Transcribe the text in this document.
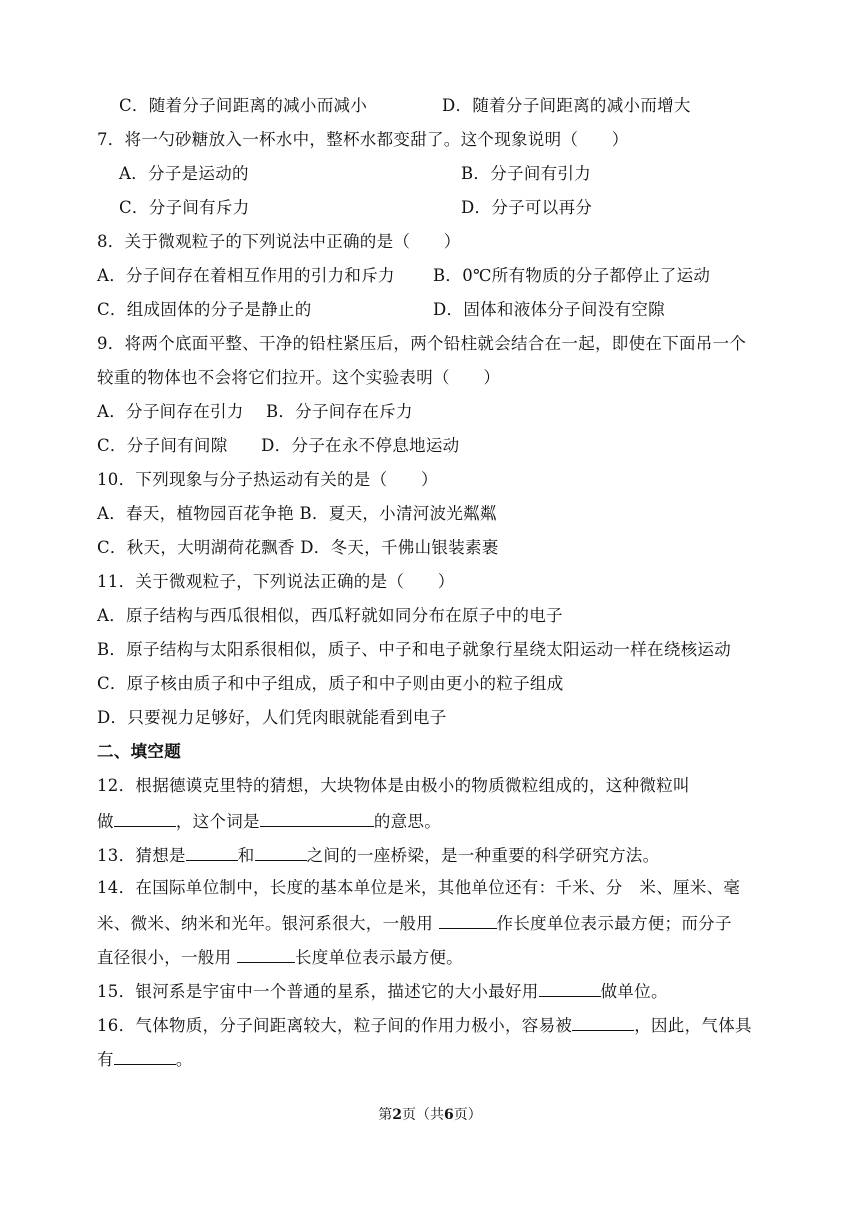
C．随着分子间距离的减小而减小	D．随着分子间距离的减小而增大
7．将一勺砂糖放入一杯水中，整杯水都变甜了。这个现象说明（　　）
A．分子是运动的	B．分子间有引力
C．分子间有斥力	D．分子可以再分
8．关于微观粒子的下列说法中正确的是（　　）
A．分子间存在着相互作用的引力和斥力 B．0℃所有物质的分子都停止了运动
C．组成固体的分子是静止的	D．固体和液体分子间没有空隙
9．将两个底面平整、干净的铅柱紧压后，两个铅柱就会结合在一起，即使在下面吊一个
较重的物体也不会将它们拉开。这个实验表明（　　）
A．分子间存在引力　 B．分子间存在斥力
C．分子间有间隙　　D．分子在永不停息地运动
10．下列现象与分子热运动有关的是（　　）
A．春天，植物园百花争艳 B．夏天，小清河波光粼粼
C．秋天，大明湖荷花飘香 D．冬天，千佛山银装素裹
11．关于微观粒子，下列说法正确的是（　　）
A．原子结构与西瓜很相似，西瓜籽就如同分布在原子中的电子
B．原子结构与太阳系很相似，质子、中子和电子就象行星绕太阳运动一样在绕核运动
C．原子核由质子和中子组成，质子和中子则由更小的粒子组成
D．只要视力足够好，人们凭肉眼就能看到电子
二、填空题
12．根据德谟克里特的猜想，大块物体是由极小的物质微粒组成的，这种微粒叫
做	，这个词是	的意思。
13．猜想是	和	之间的一座桥梁，是一种重要的科学研究方法。
14．在国际单位制中，长度的基本单位是米，其他单位还有：千米、分　米、厘米、毫
米、微米、纳米和光年。银河系很大，一般用	作长度单位表示最方便；而分子
直径很小，一般用	长度单位表示最方便。
15．银河系是宇宙中一个普通的星系，描述它的大小最好用	做单位。
16．气体物质，分子间距离较大，粒子间的作用力极小，容易被	，因此，气体具
有	。
第2页（共6页）
